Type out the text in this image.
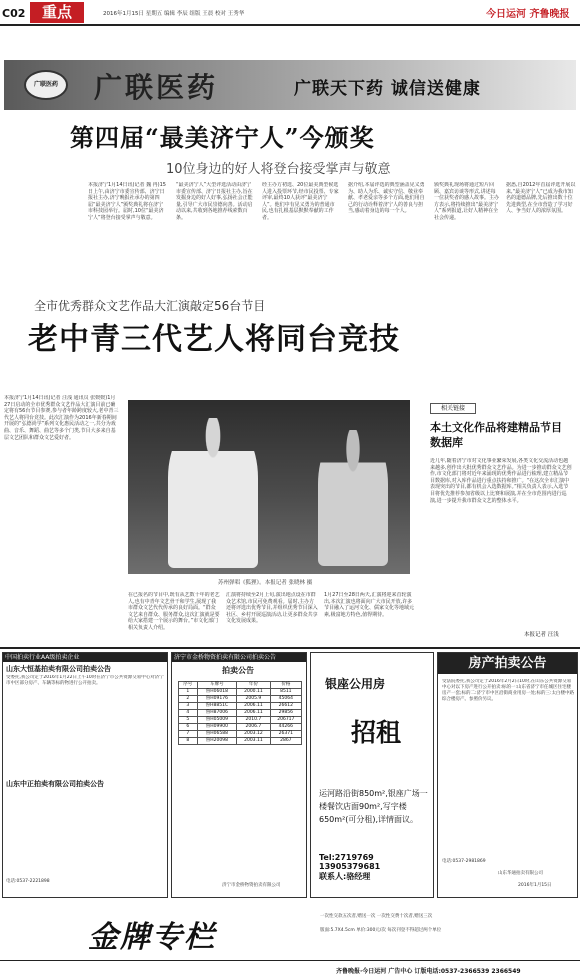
C02	重点	2016年1月15日 星期五 编辑 李辰 组版 王晨 校对 王秀华	今日运河 齐鲁晚报
广联医药	广联医药	广联天下药 诚信送健康
第四届“最美济宁人”今颁奖
10位身边的好人将登台接受掌声与敬意
本报济宁1月14日讯(记者 魏 冉)15日上午,由济宁市委宣传部、济宁日报社主办,济宁晚报社承办的第四届“最美济宁人”颁奖典礼将在济宁市科技园举行。届时,10位“最美济宁人”将登台接受掌声与敬意。
“最美济宁人”大型评选活动由济宁市委宣传部、济宁日报社主办,旨在发掘身边的好人好事,弘扬社会正能量,引导广大市民崇德向善。活动启动以来,共收到各地推荐线索数百条。
经主办方初选、20位最美典型候选人进入投票环节,经市民投票、专家评审,最终10人获评“最美济宁人”。他们中有见义勇为的普通市民,也有扎根基层默默奉献的工作者。
据介绍,本届评选的典型涵盖见义勇为、助人为乐、诚实守信、敬业奉献、孝老爱亲等多个方面,他们用自己的行动诠释着济宁人的善良与担当,感动着身边的每一个人。
颁奖典礼现场将通过短片回顾、嘉宾访谈等形式,讲述每一位获奖者的感人故事。主办方表示,将持续推出“最美济宁人”系列报道,让好人精神在全社会传递。
据悉,自2012年首届评选开展以来,“最美济宁人”已成为我市知名的道德品牌,先后推出数十位先进典型,在全市营造了学习好人、争当好人的浓厚氛围。
全市优秀群众文艺作品大汇演敲定56台节目
老中青三代艺人将同台竞技
本报济宁1月14日讯(记者 汪浅 通讯员 张媛媛)1月27日启动的全市优秀群众文艺作品大汇演目前已确定将有56台节目参赛,参与者年龄跨度较大,老中青三代艺人将同台竞技。此次汇演作为2016年新春期间开展的“弘德尚学”系列文化惠民活动之一,共分为戏曲、音乐、舞蹈、曲艺等多个门类,节目大多来自基层文艺团队和群众文艺爱好者。
在已报名的节目中,既有从艺数十年的老艺人,也有中青年文艺骨干和学生,展现了我市群众文艺代代传承的良好局面。“群众文艺来自群众、服务群众,这次汇演就是要给大家搭建一个展示的舞台。”市文化部门相关负责人介绍。
汇演将持续至2月上旬,演出地点设在市群众艺术馆,市民可免费观看。届时,主办方还将评选出优秀节目,并组织优秀节目深入社区、乡村开展巡演活动,让更多群众共享文化发展成果。
1月27日至28日两天,汇演将迎来首轮演出,本次汇演也将面向广大市民开放,许多节目融入了运河文化、儒家文化等地域元素,极富地方特色,值得期待。
苏州弹唱《狐狸》。本报记者 张晓林 摄
相关链接
本土文化作品将建精品节目数据库
近几年,随着济宁市对文化事业繁荣发展,各类文化交流活动也越来越多,创作出大批优秀群众文艺作品。为进一步推动群众文艺创作,市文化部门将对近年来涌现的优秀作品进行梳理,建立精品节目数据库,对入库作品进行重点扶持和推广。“在这次全市汇演中表现突出的节目,都有机会入选数据库。”相关负责人表示,入选节目将优先推荐参加省级以上比赛和展演,并在全市范围内进行巡演,进一步提升我市群众文艺的整体水平。
本报记者 汪浅
中国拍卖行业AA级拍卖企业
山东大恒基拍卖有限公司拍卖公告
受委托,我公司定于2016年1月22日上午10时在济宁市公共资源交易中心对济宁市中区部分房产、车辆等标的物进行公开拍卖。
山东中正拍卖有限公司拍卖公告
电话:0537-2221898
济宁市金桥物资拍卖有限公司拍卖公告
拍卖公告
序号	车牌号	年份	价格
1	鲁H06018	2000.11	8511
2	鲁H09176	2005.9	45064
3	鲁H8851C	2006.11	26612
4	鲁H87006	2006.11	29856
5	鲁H05009	2010.7	206717
6	鲁H09900	2006.7	44266
7	鲁H06588	2003.12	26371
8	鲁H20098	2003.11	2867
济宁市金桥物资拍卖有限公司
银座公用房
招租
运河路沿街850m²,银座广场一楼餐饮店面90m²,写字楼650m²(可分租),详情面议。
Tel:2719769 13905379681
联系人:骆经理
房产拍卖公告
受法院委托,我公司定于2016年2月2日10时,在山东公共资源交易中心对以下房产进行公开拍卖:标的一:山东省济宁市任城区住宅楼房产一套;标的二:济宁市中区沿街商业用房一处;标的三:太白楼中路综合楼房产。参照价另议。
电话:0537-2981869
山东华通拍卖有限公司
2016年1月15日
金牌专栏
一次性交款五次者,赠送一次 一次性交费十次者,赠送三次
版面:5.7X4.5cm 单价:300元/次 每次刊登不得超过两个单位
齐鲁晚报·今日运河 广告中心 订版电话:0537-2366539 2366549
